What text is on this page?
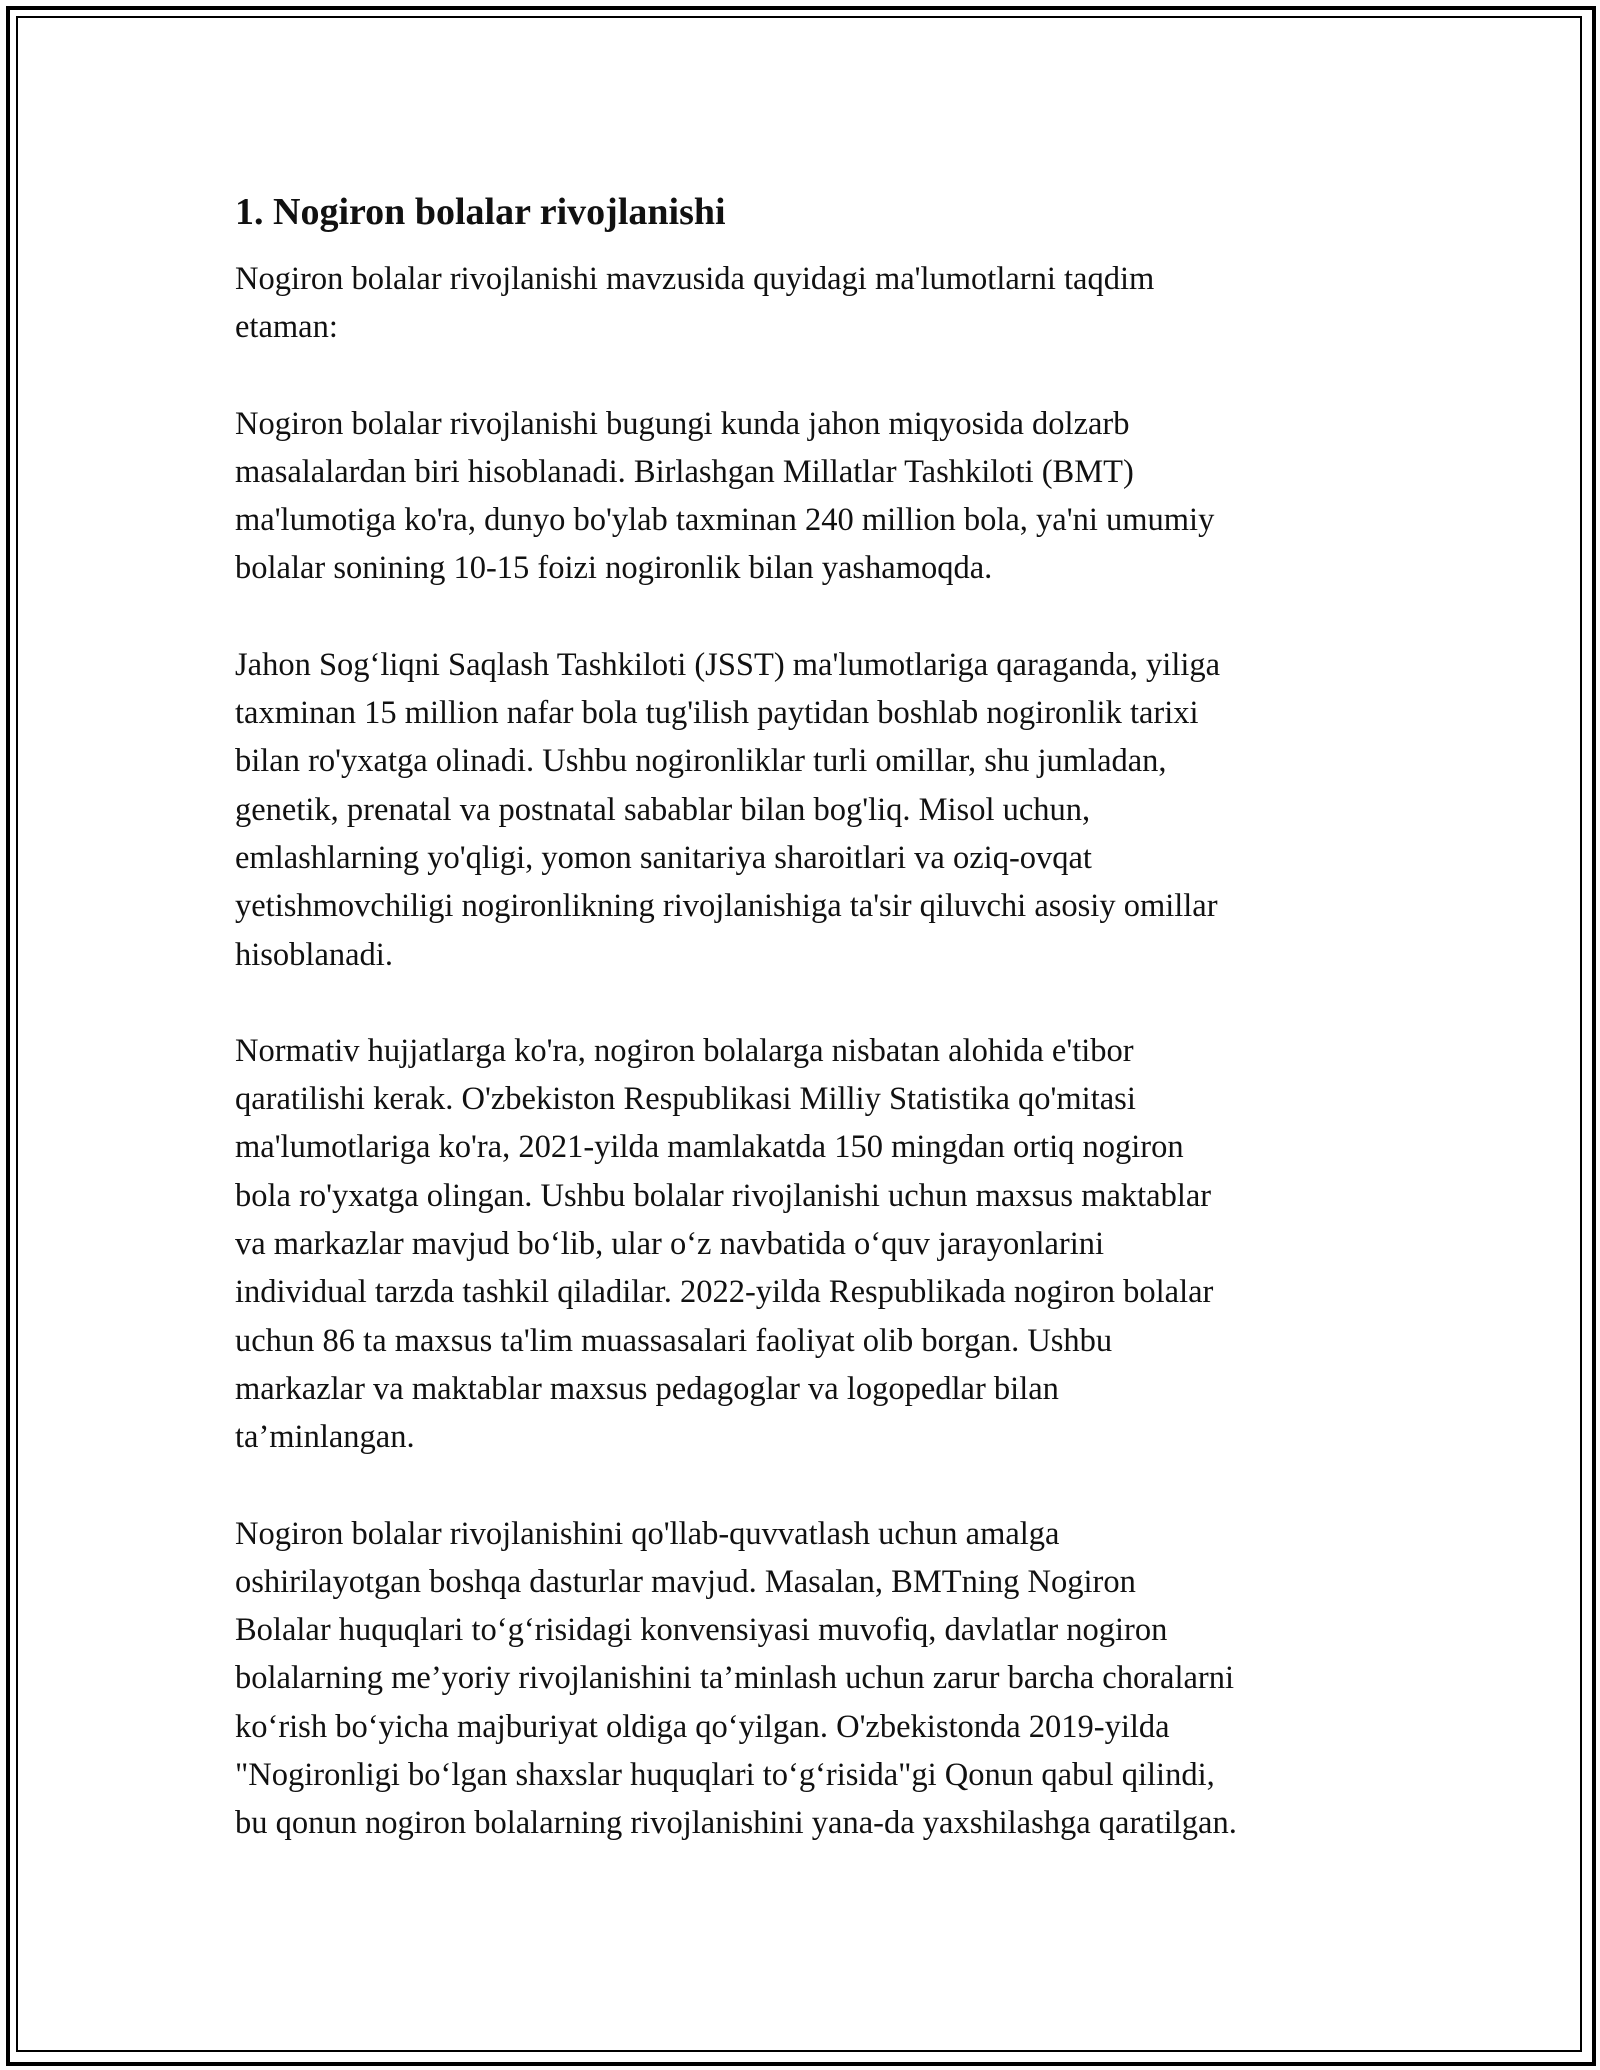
1. Nogiron bolalar rivojlanishi

Nogiron bolalar rivojlanishi mavzusida quyidagi ma'lumotlarni taqdim
etaman:

Nogiron bolalar rivojlanishi bugungi kunda jahon miqyosida dolzarb
masalalardan biri hisoblanadi. Birlashgan Millatlar Tashkiloti (BMT)
ma'lumotiga ko'ra, dunyo bo'ylab taxminan 240 million bola, ya'ni umumiy
bolalar sonining 10-15 foizi nogironlik bilan yashamoqda.

Jahon Sog‘liqni Saqlash Tashkiloti (JSST) ma'lumotlariga qaraganda, yiliga
taxminan 15 million nafar bola tug'ilish paytidan boshlab nogironlik tarixi
bilan ro'yxatga olinadi. Ushbu nogironliklar turli omillar, shu jumladan,
genetik, prenatal va postnatal sabablar bilan bog'liq. Misol uchun,
emlashlarning yo'qligi, yomon sanitariya sharoitlari va oziq-ovqat
yetishmovchiligi nogironlikning rivojlanishiga ta'sir qiluvchi asosiy omillar
hisoblanadi.

Normativ hujjatlarga ko'ra, nogiron bolalarga nisbatan alohida e'tibor
qaratilishi kerak. O'zbekiston Respublikasi Milliy Statistika qo'mitasi
ma'lumotlariga ko'ra, 2021-yilda mamlakatda 150 mingdan ortiq nogiron
bola ro'yxatga olingan. Ushbu bolalar rivojlanishi uchun maxsus maktablar
va markazlar mavjud bo‘lib, ular o‘z navbatida o‘quv jarayonlarini
individual tarzda tashkil qiladilar. 2022-yilda Respublikada nogiron bolalar
uchun 86 ta maxsus ta'lim muassasalari faoliyat olib borgan. Ushbu
markazlar va maktablar maxsus pedagoglar va logopedlar bilan
ta’minlangan.

Nogiron bolalar rivojlanishini qo'llab-quvvatlash uchun amalga
oshirilayotgan boshqa dasturlar mavjud. Masalan, BMTning Nogiron
Bolalar huquqlari to‘g‘risidagi konvensiyasi muvofiq, davlatlar nogiron
bolalarning me’yoriy rivojlanishini ta’minlash uchun zarur barcha choralarni
ko‘rish bo‘yicha majburiyat oldiga qo‘yilgan. O'zbekistonda 2019-yilda
"Nogironligi bo‘lgan shaxslar huquqlari to‘g‘risida"gi Qonun qabul qilindi,
bu qonun nogiron bolalarning rivojlanishini yana-da yaxshilashga qaratilgan.
